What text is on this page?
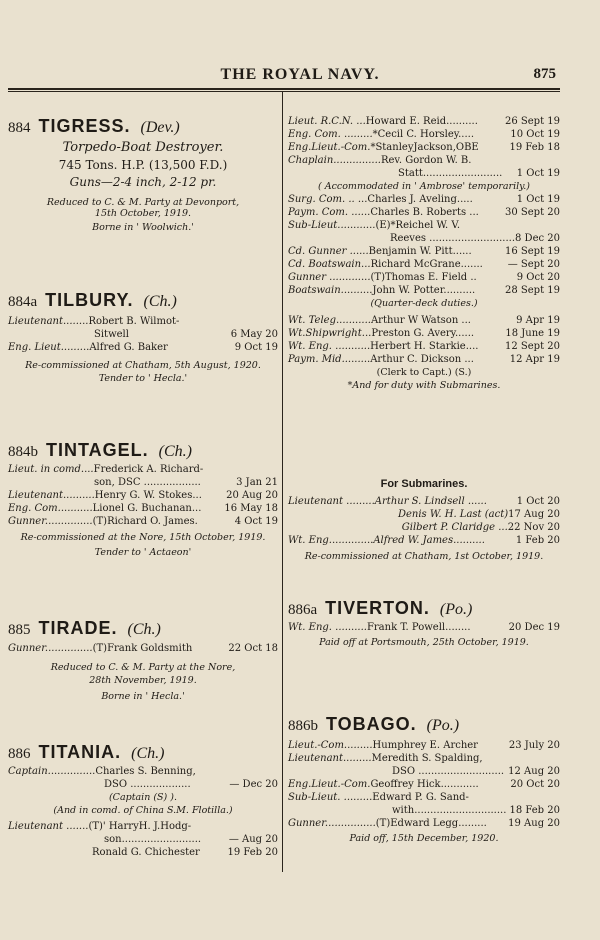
THE ROYAL NAVY.	875
884 TIGRESS. (Dev.)
Torpedo-Boat Destroyer.
745 Tons. H.P. (13,500 F.D.)
Guns—2-4 inch, 2-12 pr.
Reduced to C. & M. Party at Devonport,
15th October, 1919.
Borne in ' Woolwich.'
884a TILBURY. (Ch.)
Lieutenant........ Robert B. Wilmot-
Sitwell	6 May 20
Eng. Lieut......... Alfred G. Baker	9 Oct 19
Re-commissioned at Chatham, 5th August, 1920.
Tender to ' Hecla.'
884b TINTAGEL. (Ch.)
Lieut. in comd.... Frederick A. Richard-
son, DSC ..................	3 Jan 21
Lieutenant.......... Henry G. W. Stokes...	20 Aug 20
Eng. Com........... Lionel G. Buchanan...	16 May 18
Gunner............... (T)Richard O. James.	4 Oct 19
Re-commissioned at the Nore, 15th October, 1919.
Tender to ' Actaeon'
885 TIRADE. (Ch.)
Gunner............... (T)Frank Goldsmith	22 Oct 18
Reduced to C. & M. Party at the Nore,
28th November, 1919.
Borne in ' Hecla.'
886 TITANIA. (Ch.)
Captain............... Charles S. Benning,
DSO ...................	— Dec 20
(Captain (S) ).
(And in comd. of China S.M. Flotilla.)
Lieutenant ....... (T)' HarryH. J.Hodg-
son.........................	— Aug 20
Ronald G. Chichester	19 Feb 20
Lieut. R.C.N. ... Howard E. Reid..........	26 Sept 19
Eng. Com. ......... *Cecil C. Horsley.....	10 Oct 19
Eng.Lieut.-Com. *StanleyJackson,OBE	19 Feb 18
Chaplain............... Rev. Gordon W. B.
Statt.........................	1 Oct 19
( Accommodated in ' Ambrose' temporarily.)
Surg. Com. .. ... Charles J. Aveling.....	1 Oct 19
Paym. Com. ...... Charles B. Roberts ...	30 Sept 20
Sub-Lieut............ (E)*Reichel W. V.
Reeves ........................... 8 Dec 20
Cd. Gunner ...... Benjamin W. Pitt......	16 Sept 19
Cd. Boatswain... Richard McGrane.......	— Sept 20
Gunner ............. (T)Thomas E. Field ..	9 Oct 20
Boatswain.......... John W. Potter..........	28 Sept 19
(Quarter-deck duties.)
Wt. Teleg........... Arthur W Watson ...	9 Apr 19
Wt.Shipwright... Preston G. Avery......	18 June 19
Wt. Eng. ........... Herbert H. Starkie....	12 Sept 20
Paym. Mid......... Arthur C. Dickson ...	12 Apr 19
(Clerk to Capt.) (S.)
*And for duty with Submarines.
For Submarines.
Lieutenant ......... Arthur S. Lindsell ......	1 Oct 20
Denis W. H. Last (act) 17 Aug 20
Gilbert P. Claridge ... 22 Nov 20
Wt. Eng.............. Alfred W. James..........	1 Feb 20
Re-commissioned at Chatham, 1st October, 1919.
886a TIVERTON. (Po.)
Wt. Eng. .......... Frank T. Powell........	20 Dec 19
Paid off at Portsmouth, 25th October, 1919.
886b TOBAGO. (Po.)
Lieut.-Com......... Humphrey E. Archer	23 July 20
Lieutenant......... Meredith S. Spalding,
DSO ........................... 12 Aug 20
Eng.Lieut.-Com. Geoffrey Hick............	20 Oct 20
Sub-Lieut. ......... Edward P. G. Sand-
with............................. 18 Feb 20
Gunner................ (T)Edward Legg.........	19 Aug 20
Paid off, 15th December, 1920.
